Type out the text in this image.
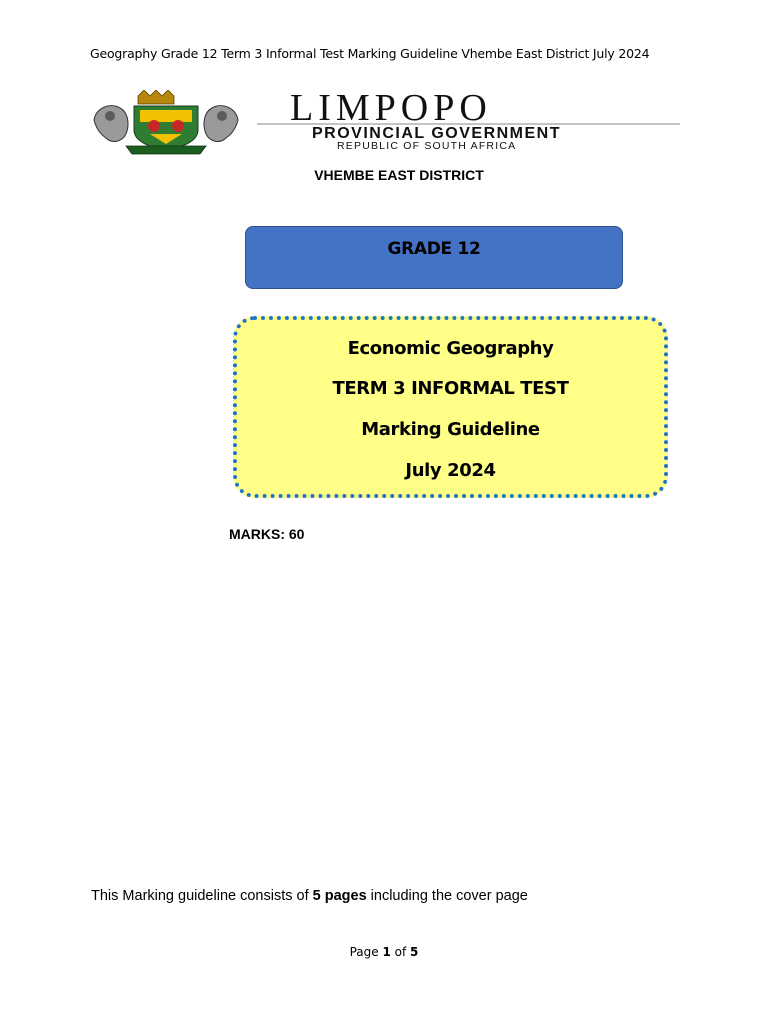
Geography Grade 12 Term 3 Informal Test Marking Guideline Vhembe East District July 2024
LIMPOPO
PROVINCIAL GOVERNMENT
REPUBLIC OF SOUTH AFRICA
VHEMBE EAST DISTRICT
GRADE 12
Economic Geography
TERM 3 INFORMAL TEST
Marking Guideline
July 2024
MARKS: 60
This Marking guideline consists of 5 pages including the cover page
Page 1 of 5
